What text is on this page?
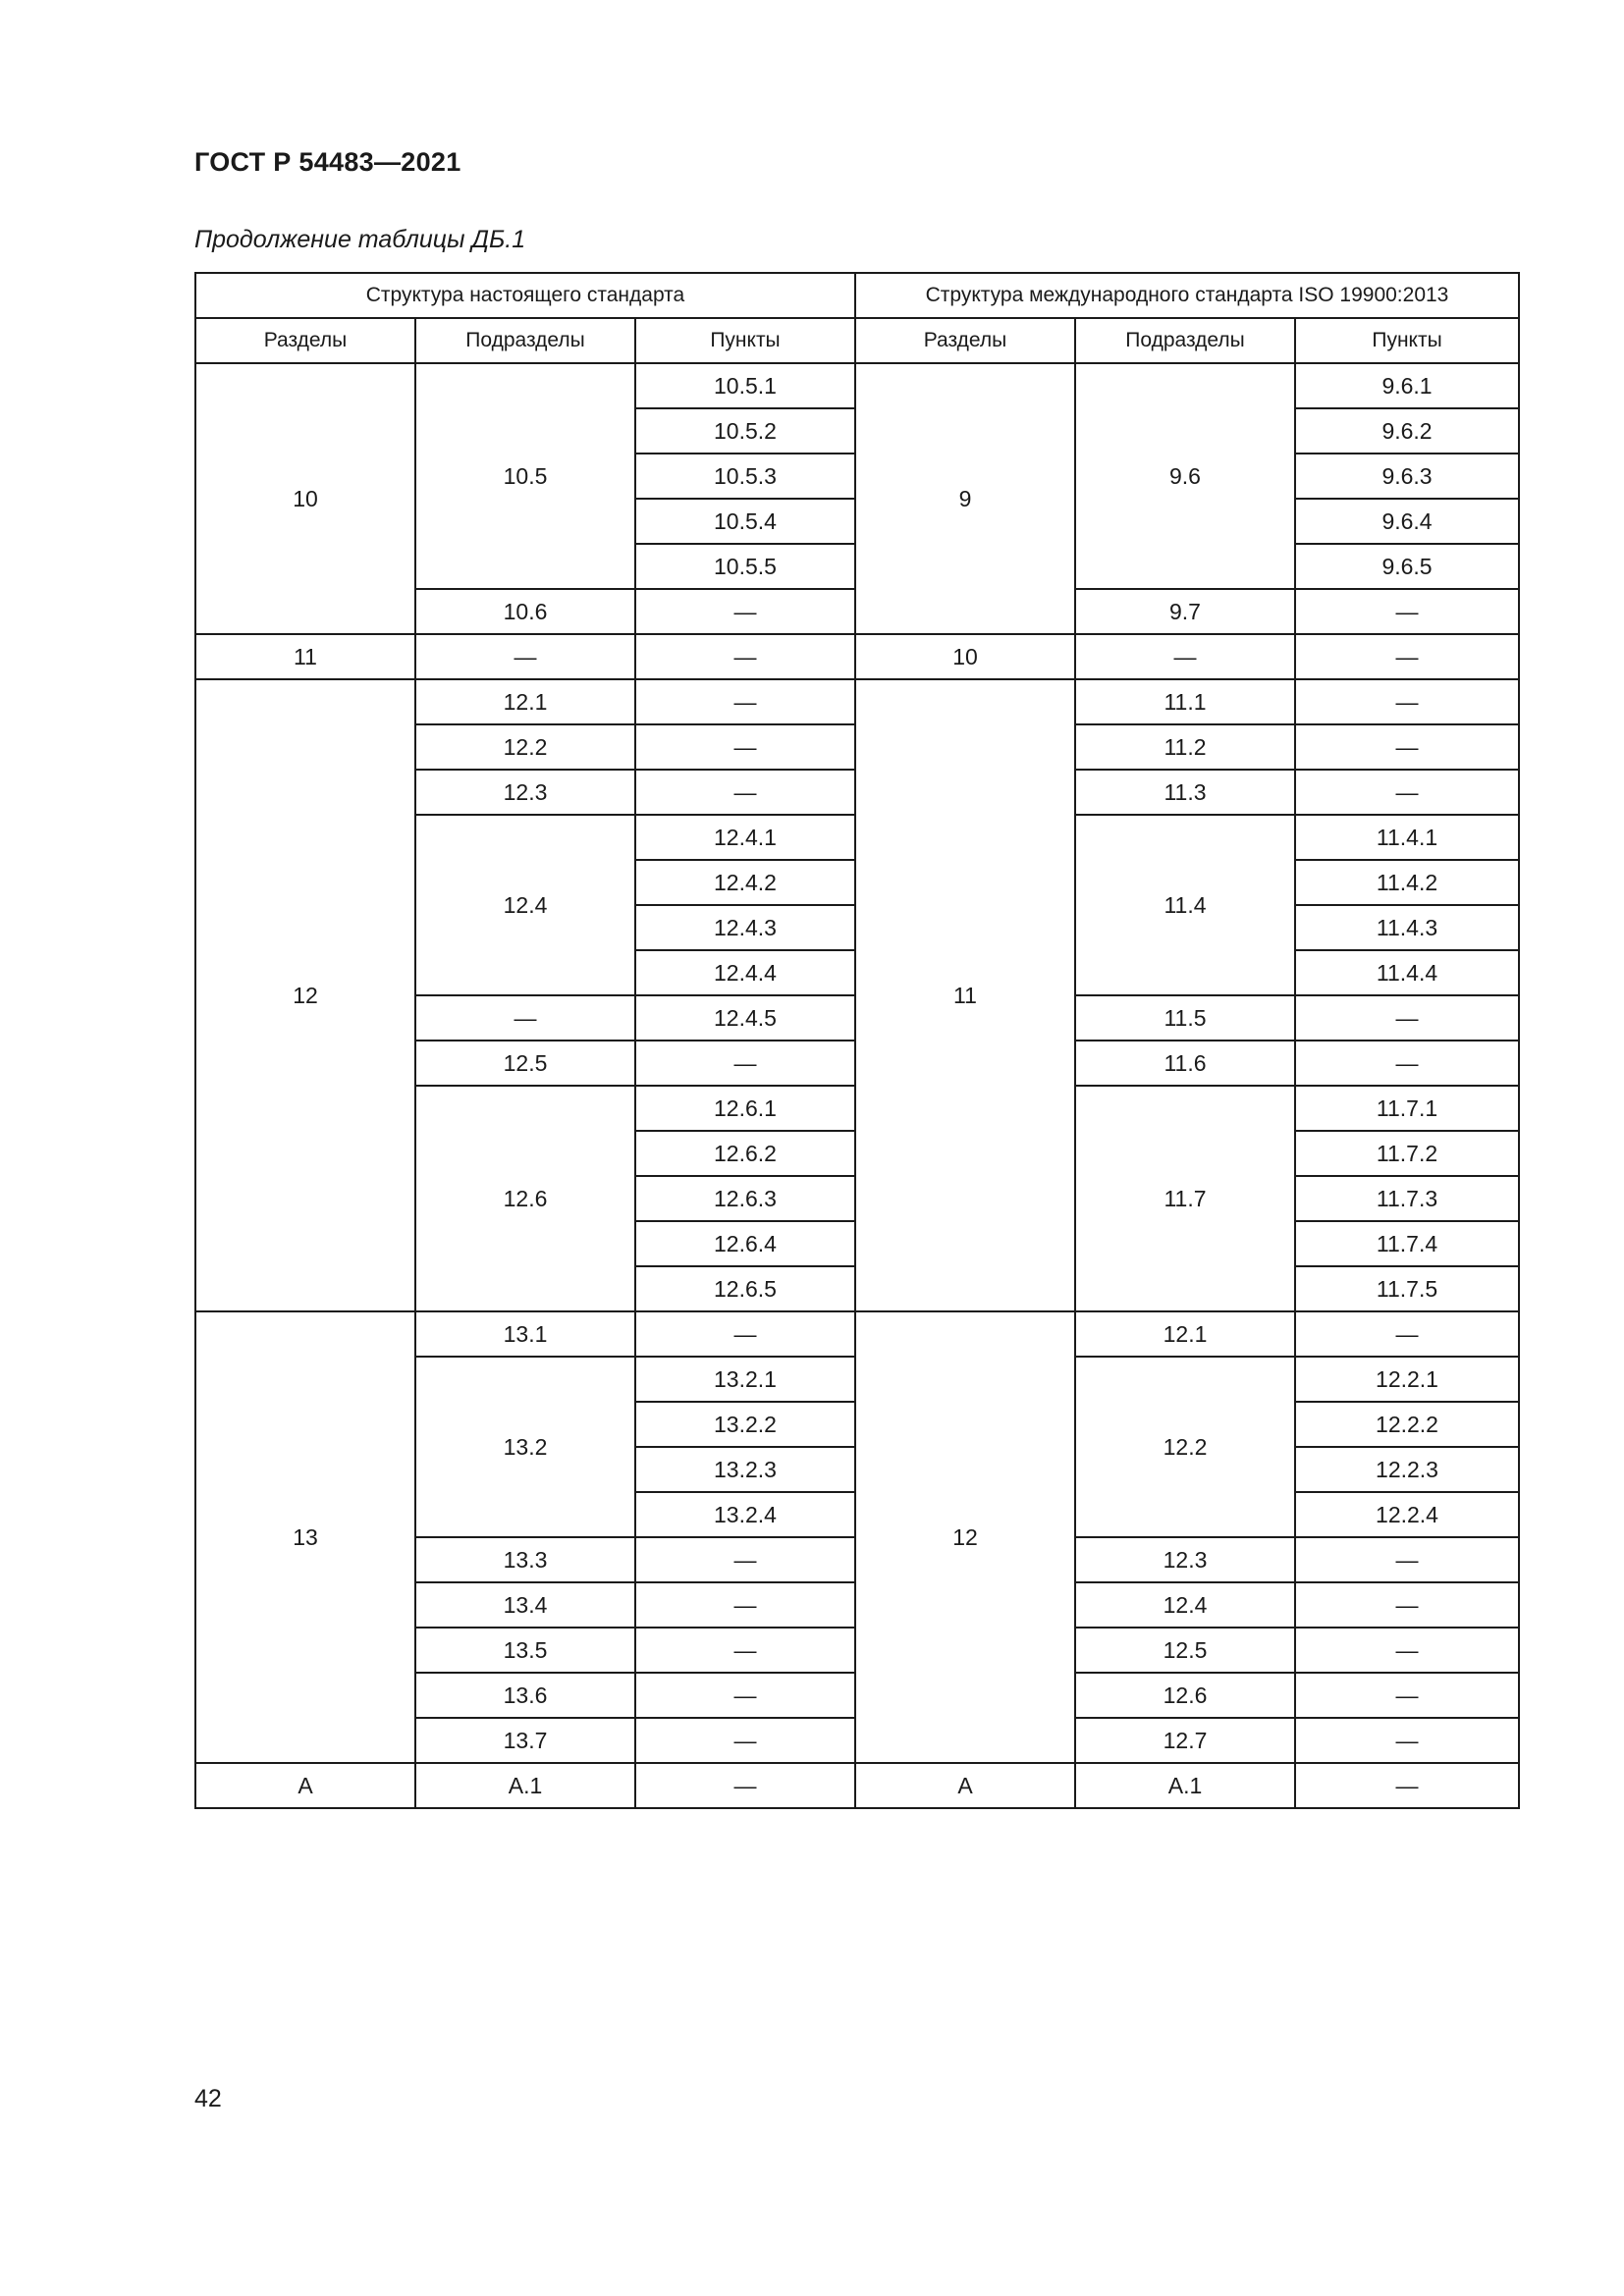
ГОСТ Р 54483—2021
Продолжение таблицы ДБ.1
Структура настоящего стандарта			Структура международного стандарта ISO 19900:2013		
Разделы	Подразделы	Пункты	Разделы	Подразделы	Пункты
10	10.5	10.5.1	9	9.6	9.6.1
		10.5.2			9.6.2
		10.5.3			9.6.3
		10.5.4			9.6.4
		10.5.5			9.6.5
	10.6	—		9.7	—
11	—	—	10	—	—
12	12.1	—	11	11.1	—
	12.2	—		11.2	—
	12.3	—		11.3	—
	12.4	12.4.1		11.4	11.4.1
		12.4.2			11.4.2
		12.4.3			11.4.3
		12.4.4			11.4.4
	—	12.4.5		11.5	—
	12.5	—		11.6	—
	12.6	12.6.1		11.7	11.7.1
		12.6.2			11.7.2
		12.6.3			11.7.3
		12.6.4			11.7.4
		12.6.5			11.7.5
13	13.1	—	12	12.1	—
	13.2	13.2.1		12.2	12.2.1
		13.2.2			12.2.2
		13.2.3			12.2.3
		13.2.4			12.2.4
	13.3	—		12.3	—
	13.4	—		12.4	—
	13.5	—		12.5	—
	13.6	—		12.6	—
	13.7	—		12.7	—
А	А.1	—	А	А.1	—
42
